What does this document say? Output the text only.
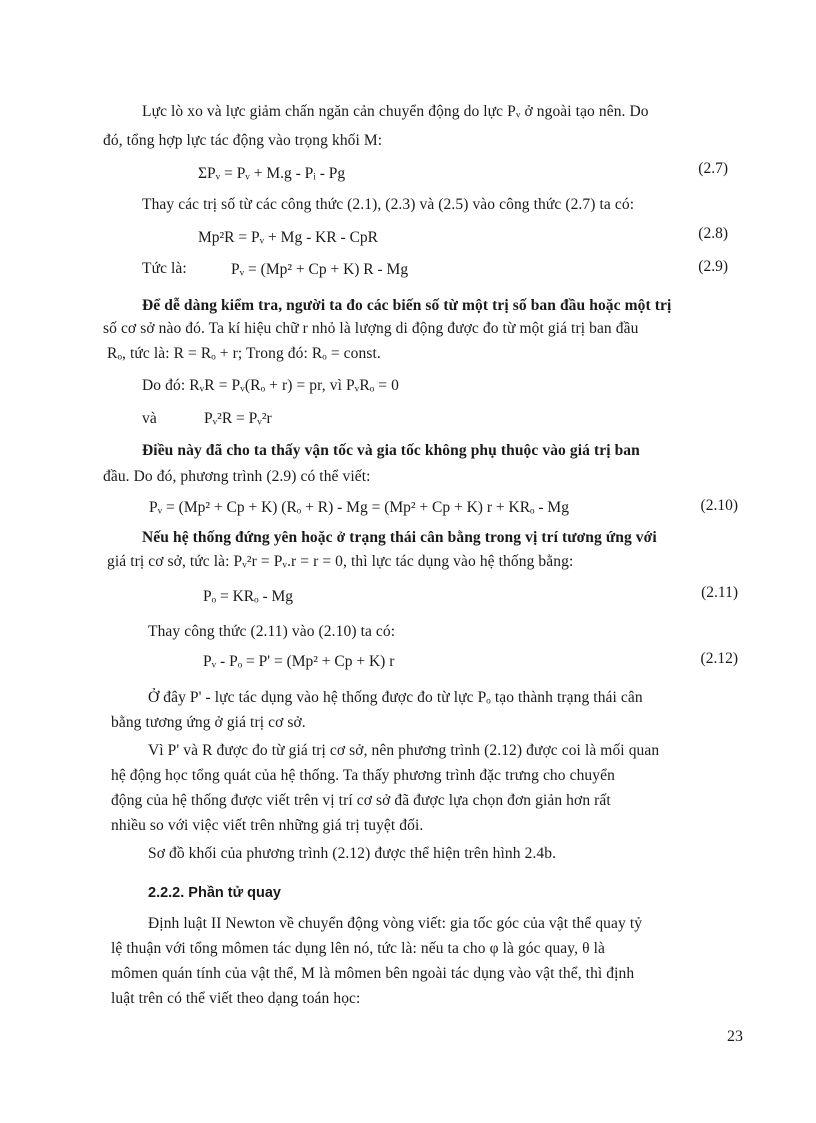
Lực lò xo và lực giảm chấn ngăn cản chuyển động do lực Pᵥ ở ngoài tạo nên. Do
đó, tổng hợp lực tác động vào trọng khối M:
ΣPᵥ = Pᵥ + M.g - Pᵢ - Pg	(2.7)
Thay các trị số từ các công thức (2.1), (2.3) và (2.5) vào công thức (2.7) ta có:
Mp²R = Pᵥ + Mg - KR - CpR	(2.8)
Tức là:	Pᵥ = (Mp² + Cp + K) R - Mg	(2.9)
Để dễ dàng kiểm tra, người ta đo các biến số từ một trị số ban đầu hoặc một trị
số cơ sở nào đó. Ta kí hiệu chữ r nhỏ là lượng di động được đo từ một giá trị ban đầu
Rₒ, tức là: R = Rₒ + r; Trong đó: Rₒ = const.
Do đó: RᵥR = Pᵥ(Rₒ + r) = pr, vì PᵥRₒ = 0
và	Pᵥ²R = Pᵥ²r
Điều này đã cho ta thấy vận tốc và gia tốc không phụ thuộc vào giá trị ban
đầu. Do đó, phương trình (2.9) có thể viết:
Pᵥ = (Mp² + Cp + K) (Rₒ + R) - Mg = (Mp² + Cp + K) r + KRₒ - Mg	(2.10)
Nếu hệ thống đứng yên hoặc ở trạng thái cân bằng trong vị trí tương ứng với
giá trị cơ sở, tức là: Pᵥ²r = Pᵥ.r = r = 0, thì lực tác dụng vào hệ thống bằng:
Pₒ = KRₒ - Mg	(2.11)
Thay công thức (2.11) vào (2.10) ta có:
Pᵥ - Pₒ = P' = (Mp² + Cp + K) r	(2.12)
Ở đây P' - lực tác dụng vào hệ thống được đo từ lực Pₒ tạo thành trạng thái cân
bằng tương ứng ở giá trị cơ sở.
Vì P' và R được đo từ giá trị cơ sở, nên phương trình (2.12) được coi là mối quan
hệ động học tổng quát của hệ thống. Ta thấy phương trình đặc trưng cho chuyển
động của hệ thống được viết trên vị trí cơ sở đã được lựa chọn đơn giản hơn rất
nhiều so với việc viết trên những giá trị tuyệt đối.
Sơ đồ khối của phương trình (2.12) được thể hiện trên hình 2.4b.
2.2.2. Phần tử quay
Định luật II Newton về chuyển động vòng viết: gia tốc góc của vật thể quay tỷ
lệ thuận với tổng mômen tác dụng lên nó, tức là: nếu ta cho φ là góc quay, θ là
mômen quán tính của vật thể, M là mômen bên ngoài tác dụng vào vật thể, thì định
luật trên có thể viết theo dạng toán học:
23
